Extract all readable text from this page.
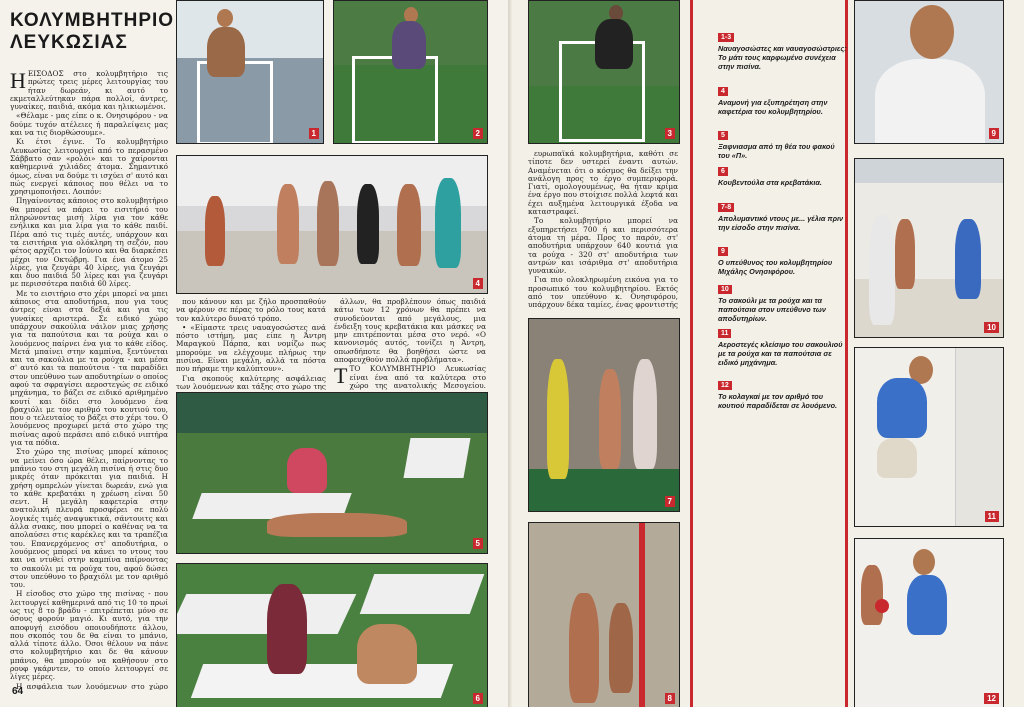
ΚΟΛΥΜΒΗΤΗΡΙΟ
ΛΕΥΚΩΣΙΑΣ

HΕΙΣΟΔΟΣ στο κολυμβητήριο τις πρώτες τρεις μέρες λειτουργίας του ήταν δωρεάν, κι αυτό το εκμεταλλεύτηκαν πάρα πολλοί, άντρες, γυναίκες, παιδιά, ακόμα και ηλικιωμένοι.

«Θέλαμε - μας είπε ο κ. Ονησιφόρου - να δούμε τυχόν ατέλειες ή παραλείψεις μας και να τις διορθώσουμε».

Κι έτσι έγινε. Το κολυμβητήριο Λευκωσίας λειτουργεί από το περασμένο Σάββατο σαν «ρολόι» και το χαίρονται καθημερινά χιλιάδες άτομα. Σημαντικό όμως, είναι να δούμε τι ισχύει σ' αυτό και πώς ενεργεί κάποιος που θέλει να το χρησιμοποιήσει. Λοιπόν:

Πηγαίνοντας κάποιος στο κολυμβητήριο θα μπορεί να πάρει το εισιτήριό του πληρώνοντας μισή λίρα για τον κάθε ενήλικα και μια λίρα για το κάθε παιδί. Πέρα από τις τιμές αυτές, υπάρχουν και τα εισιτήρια για ολόκληρη τη σεζόν, που φέτος αρχίζει τον Ιούνιο και θα διαρκέσει μέχρι τον Οκτώβρη. Για ένα άτομο 25 λίρες, για ζευγάρι 40 λίρες, για ζευγάρι και δυο παιδιά 50 λίρες και για ζευγάρι με περισσότερα παιδιά 60 λίρες.

Με το εισιτήριο στο χέρι μπορεί να μπει κάποιος στα αποδυτήρια, που για τους άντρες είναι στα δεξιά και για τις γυναίκες αριστερά. Σε ειδικό χώρο υπάρχουν σακούλια νάιλον μιας χρήσης για τα παπούτσια και τα ρούχα και ο λουόμενος παίρνει ένα για το κάθε είδος. Μετά μπαίνει στην καμπίνα, ξεντύνεται και τα σακούλια με τα ρούχα - και μέσα σ' αυτό και τα παπούτσια - τα παραδίδει στον υπεύθυνο των αποδυτηρίων ο οποίος αφού τα σφραγίσει αεροστεγώς σε ειδικό μηχάνημα, το βάζει σε ειδικό αριθμημένο κουτί και δίδει στο λουόμενο ένα βραχιόλι με τον αριθμό του κουτιού του, που ο τελευταίος το βάζει στο χέρι του. Ο λουόμενος προχωρεί μετά στο χώρο της πισίνας αφού περάσει από ειδικό νιπτήρα για τα πόδια.

Στο χώρο της πισίνας μπορεί κάποιος να μείνει όσο ώρα θέλει, παίρνοντας το μπάνιο του στη μεγάλη πισίνα ή στις δυο μικρές όταν πρόκειται για παιδιά. Η χρήση ομπρελών γίνεται δωρεάν, ενώ για το κάθε κρεβατάκι η χρέωση είναι 50 σεντ. Η μεγάλη καφετερία στην ανατολική πλευρά προσφέρει σε πολύ λογικές τιμές αναψυκτικά, σάντουιτς και άλλα σνακς, που μπορεί ο καθένας να τα απολαύσει στις καρέκλες και τα τραπέζια του. Επανερχόμενος στ' αποδυτήρια, ο λουόμενος μπορεί να κάνει το ντους του και να ντυθεί στην καμπίνα παίρνοντας το σακούλι με τα ρούχα του, αφού δώσει στον υπεύθυνο το βραχιόλι με τον αριθμό του.

Η είσοδος στο χώρο της πισίνας - που λειτουργεί καθημερινά από τις 10 το πρωί ως τις 8 το βράδυ - επιτρέπεται μόνο σε όσους φορούν μαγιό. Κι αυτό, για την αποφυγή εισόδου οποιουδήποτε άλλου, που σκοπός του δε θα είναι το μπάνιο, αλλά τίποτε άλλο. Όσοι θέλουν να πάνε στο κολυμβητήριο και δε θα κάνουν μπάνιο, θα μπορούν να καθήσουν στο ρουφ γκάρντεν, το οποίο λειτουργεί σε λίγες μέρες.

Η ασφάλεια των λουόμενων στο χώρο

1	2
4

που κάνουν και με ζήλο προσπαθούν να φέρουν σε πέρας το ρόλο τους κατά τον καλύτερο δυνατό τρόπο.

• «Είμαστε τρεις ναυαγοσώστες ανά πόστο ιστήμη, μας είπε η Άντρη Μαραγκού Πάρπα, και νομίζω πως μπορούμε να ελέγχουμε πλήρως την πισίνα. Είναι μεγάλη, αλλά τα πόστα που πήραμε την καλύπτουν».

Για σκοπούς καλύτερης ασφάλειας των λουόμενων και τάξης στο χώρο της

άλλων, θα προβλέπουν όπως παιδιά κάτω των 12 χρόνων θα πρέπει να συνοδεύονται από μεγάλους, μια ένδειξη τους κρεβατάκια και μάσκες να μην επιτρέπονται μέσα στο νερό. «Ο κανονισμός αυτός, τονίζει η Άντρη, οπωσδήποτε θα βοηθήσει ώστε να αποφευχθούν πολλά προβλήματα».

TΤΟ ΚΟΛΥΜΒΗΤΗΡΙΟ Λευκωσίας είναι ένα από τα καλύτερα στο χώρο της ανατολικής Μεσογείου.

5
6
64
3

ευρωπαϊκά κολυμβητήρια, καθότι σε τίποτε δεν υστερεί έναντι αυτών. Αναμένεται ότι ο κόσμος θα δείξει την ανάλογη προς το έργο συμπεριφορά. Γιατί, ομολογουμένως, θα ήταν κρίμα ένα έργο που στοίχισε πολλά λεφτά και έχει αυξημένα λειτουργικά έξοδα να καταστραφεί.

Το κολυμβητήριο μπορεί να εξυπηρετήσει 700 ή και περισσότερα άτομα τη μέρα. Προς το παρόν, στ' αποδυτήρια υπάρχουν 640 κουτιά για τα ρούχα - 320 στ' αποδυτήρια των αντρών και ισάριθμα στ' αποδυτήρια γυναικών.

Για πιο ολοκληρωμένη εικόνα για το προσωπικό του κολυμβητηρίου. Εκτός από τον υπεύθυνο κ. Ονησιφόρου, υπάρχουν δέκα ταμίες, ένας φροντιστής

7
8
9
10
11
12
1-3
Ναυαγοσώστες και ναυαγοσώστριες: Το μάτι τους καρφωμένο συνέχεια στην πισίνα.
4
Αναμονή για εξυπηρέτηση στην καφετέρια του κολυμβητηρίου.
5
Ξαφνιασμα από τη θέα του φακού του «Π».
6
Κουβεντούλα στα κρεβατάκια.
7-8
Απολυμαντικό ντους με... γέλια πριν την είσοδο στην πισίνα.
9
Ο υπεύθυνος του κολυμβητηρίου Μιχάλης Ονησιφόρου.
10
Το σακούλι με τα ρούχα και τα παπούτσια στον υπεύθυνο των αποδυτηρίων.
11
Αεροστεγές κλείσιμο του σακουλιού με τα ρούχα και τα παπούτσια σε ειδικό μηχάνημα.
12
Το κολαγκαί με τον αριθμό του κουτιού παραδίδεται σε λουόμενο.
